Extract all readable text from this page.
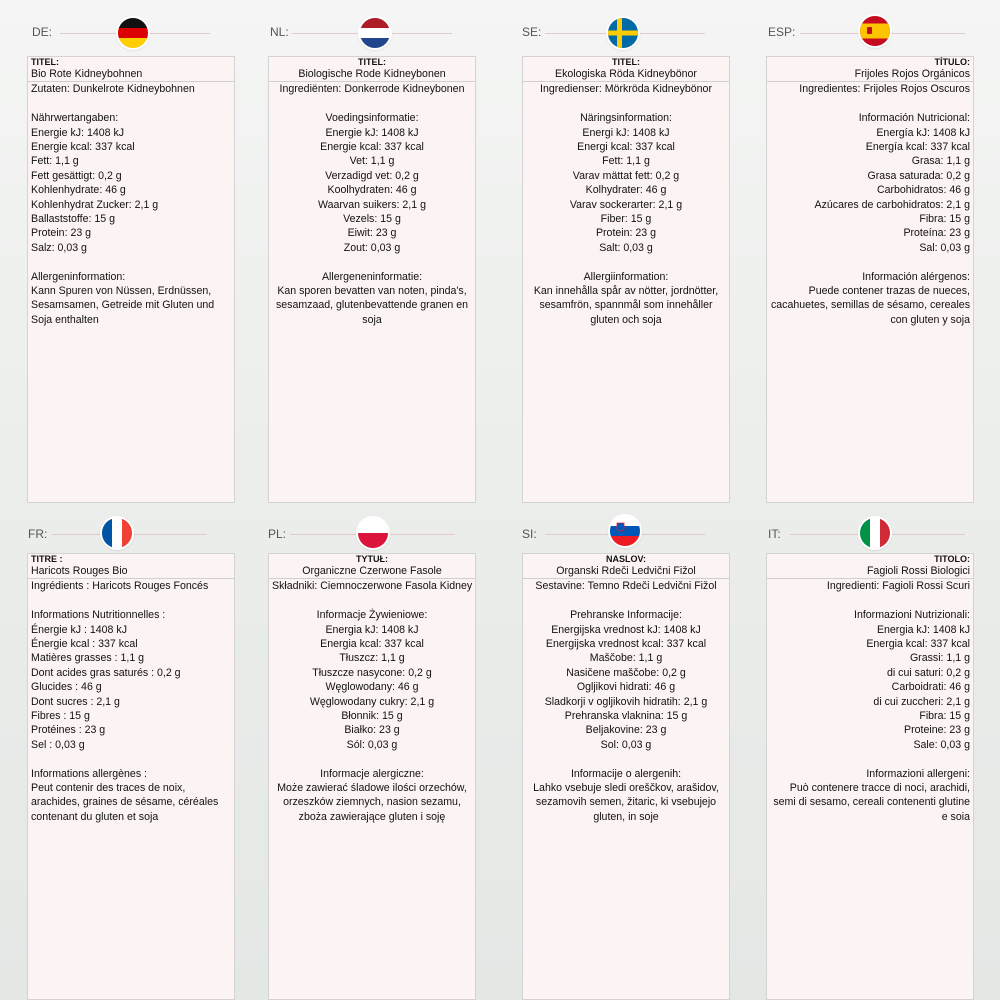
DE:	NL:	SE:	ESP:
TITEL:
Bio Rote Kidneybohnen
Zutaten: Dunkelrote Kidneybohnen
Nährwertangaben:
Energie kJ: 1408 kJ
Energie kcal: 337 kcal
Fett: 1,1 g
Fett gesättigt: 0,2 g
Kohlenhydrate: 46 g
Kohlenhydrat Zucker: 2,1 g
Ballaststoffe: 15 g
Protein: 23 g
Salz: 0,03 g
Allergeninformation:
Kann Spuren von Nüssen, Erdnüssen, Sesamsamen, Getreide mit Gluten und Soja enthalten
TITEL:
Biologische Rode Kidneybonen
Ingrediënten: Donkerrode Kidneybonen
Voedingsinformatie:
Energie kJ: 1408 kJ
Energie kcal: 337 kcal
Vet: 1,1 g
Verzadigd vet: 0,2 g
Koolhydraten: 46 g
Waarvan suikers: 2,1 g
Vezels: 15 g
Eiwit: 23 g
Zout: 0,03 g
Allergeneninformatie:
Kan sporen bevatten van noten, pinda's, sesamzaad, glutenbevattende granen en soja
TITEL:
Ekologiska Röda Kidneybönor
Ingredienser: Mörkröda Kidneybönor
Näringsinformation:
Energi kJ: 1408 kJ
Energi kcal: 337 kcal
Fett: 1,1 g
Varav mättat fett: 0,2 g
Kolhydrater: 46 g
Varav sockerarter: 2,1 g
Fiber: 15 g
Protein: 23 g
Salt: 0,03 g
Allergiinformation:
Kan innehålla spår av nötter, jordnötter, sesamfrön, spannmål som innehåller gluten och soja
TÍTULO:
Frijoles Rojos Orgánicos
Ingredientes: Frijoles Rojos Oscuros
Información Nutricional:
Energía kJ: 1408 kJ
Energía kcal: 337 kcal
Grasa: 1,1 g
Grasa saturada: 0,2 g
Carbohidratos: 46 g
Azúcares de carbohidratos: 2,1 g
Fibra: 15 g
Proteína: 23 g
Sal: 0,03 g
Información alérgenos:
Puede contener trazas de nueces, cacahuetes, semillas de sésamo, cereales con gluten y soja
FR:	PL:	SI:	IT:
TITRE :
Haricots Rouges Bio
Ingrédients : Haricots Rouges Foncés
Informations Nutritionnelles :
Énergie kJ : 1408 kJ
Énergie kcal : 337 kcal
Matières grasses : 1,1 g
Dont acides gras saturés : 0,2 g
Glucides : 46 g
Dont sucres : 2,1 g
Fibres : 15 g
Protéines : 23 g
Sel : 0,03 g
Informations allergènes :
Peut contenir des traces de noix, arachides, graines de sésame, céréales contenant du gluten et soja
TYTUŁ:
Organiczne Czerwone Fasole
Składniki: Ciemnoczerwone Fasola Kidney
Informacje Żywieniowe:
Energia kJ: 1408 kJ
Energia kcal: 337 kcal
Tłuszcz: 1,1 g
Tłuszcze nasycone: 0,2 g
Węglowodany: 46 g
Węglowodany cukry: 2,1 g
Błonnik: 15 g
Białko: 23 g
Sól: 0,03 g
Informacje alergiczne:
Może zawierać śladowe ilości orzechów, orzeszków ziemnych, nasion sezamu, zboża zawierające gluten i soję
NASLOV:
Organski Rdeči Ledvični Fižol
Sestavine: Temno Rdeči Ledvični Fižol
Prehranske Informacije:
Energijska vrednost kJ: 1408 kJ
Energijska vrednost kcal: 337 kcal
Maščobe: 1,1 g
Nasičene maščobe: 0,2 g
Ogljikovi hidrati: 46 g
Sladkorji v ogljikovih hidratih: 2,1 g
Prehranska vlaknina: 15 g
Beljakovine: 23 g
Sol: 0,03 g
Informacije o alergenih:
Lahko vsebuje sledi oreščkov, arašidov, sezamovih semen, žitaric, ki vsebujejo gluten, in soje
TITOLO:
Fagioli Rossi Biologici
Ingredienti: Fagioli Rossi Scuri
Informazioni Nutrizionali:
Energia kJ: 1408 kJ
Energia kcal: 337 kcal
Grassi: 1,1 g
di cui saturi: 0,2 g
Carboidrati: 46 g
di cui zuccheri: 2,1 g
Fibra: 15 g
Proteine: 23 g
Sale: 0,03 g
Informazioni allergeni:
Può contenere tracce di noci, arachidi, semi di sesamo, cereali contenenti glutine e soia
